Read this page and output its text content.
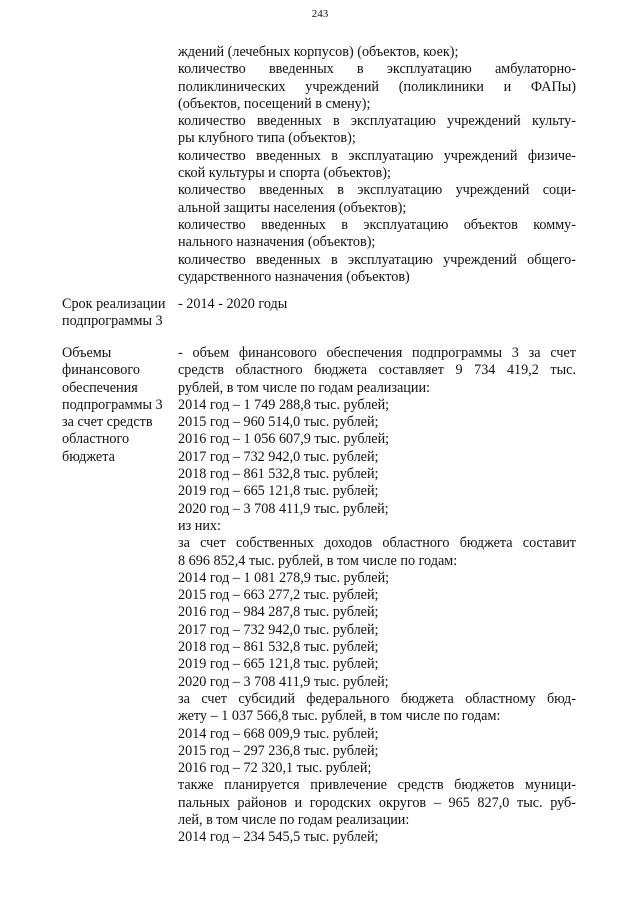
243
ждений (лечебных корпусов) (объектов, коек);
количество введенных в эксплуатацию амбулаторно-
поликлинических учреждений (поликлиники и ФАПы)
(объектов, посещений в смену);
количество введенных в эксплуатацию учреждений культу-
ры клубного типа (объектов);
количество введенных в эксплуатацию учреждений физиче-
ской культуры и спорта (объектов);
количество введенных в эксплуатацию учреждений соци-
альной защиты населения (объектов);
количество введенных в эксплуатацию объектов комму-
нального назначения (объектов);
количество введенных в эксплуатацию учреждений общего-
сударственного назначения (объектов)
Срок реализации
подпрограммы 3
- 2014 - 2020 годы
Объемы
финансового
обеспечения
подпрограммы 3
за счет средств
областного
бюджета
- объем финансового обеспечения подпрограммы 3 за счет
средств областного бюджета составляет 9 734 419,2 тыс.
рублей, в том числе по годам реализации:
2014 год – 1 749 288,8 тыс. рублей;
2015 год – 960 514,0 тыс. рублей;
2016 год – 1 056 607,9 тыс. рублей;
2017 год – 732 942,0 тыс. рублей;
2018 год – 861 532,8 тыс. рублей;
2019 год – 665 121,8 тыс. рублей;
2020 год – 3 708 411,9 тыс. рублей;
из них:
за счет собственных доходов областного бюджета составит
8 696 852,4 тыс. рублей, в том числе по годам:
2014 год – 1 081 278,9 тыс. рублей;
2015 год – 663 277,2 тыс. рублей;
2016 год – 984 287,8 тыс. рублей;
2017 год – 732 942,0 тыс. рублей;
2018 год – 861 532,8 тыс. рублей;
2019 год – 665 121,8 тыс. рублей;
2020 год – 3 708 411,9 тыс. рублей;
за счет субсидий федерального бюджета областному бюд-
жету – 1 037 566,8 тыс. рублей, в том числе по годам:
2014 год – 668 009,9 тыс. рублей;
2015 год – 297 236,8 тыс. рублей;
2016 год – 72 320,1 тыс. рублей;
также планируется привлечение средств бюджетов муници-
пальных районов и городских округов – 965 827,0 тыс. руб-
лей, в том числе по годам реализации:
2014 год – 234 545,5 тыс. рублей;
